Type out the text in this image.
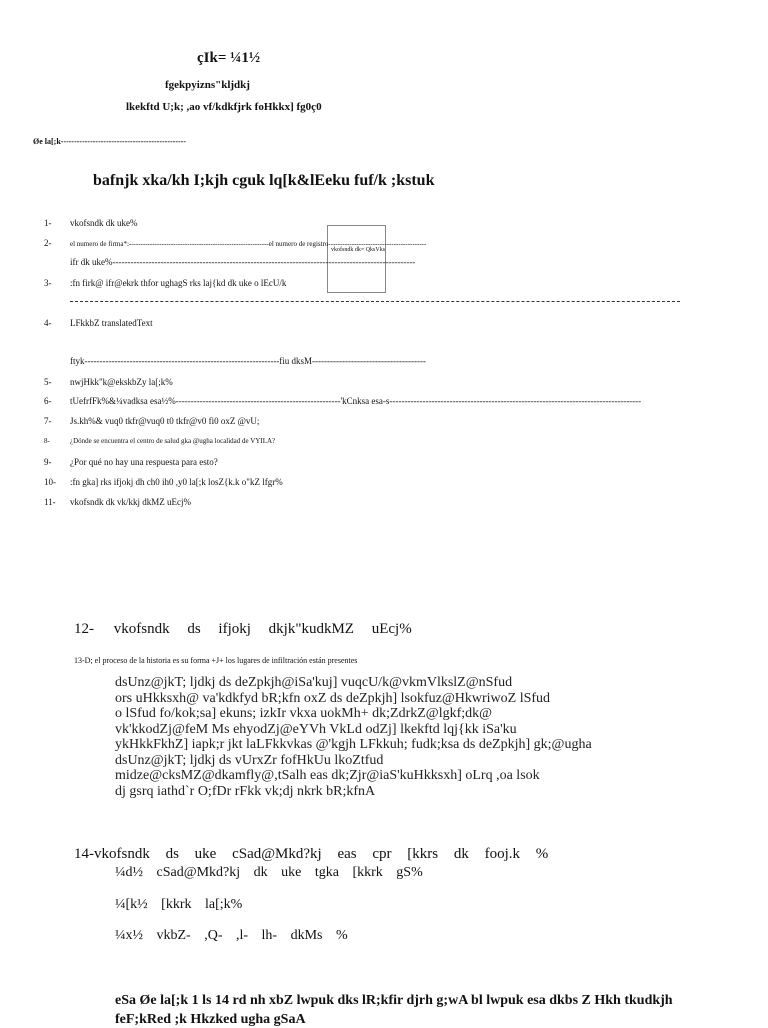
çIk= ¼1½
fgekpyizns"kljdkj
lkekftd U;k; ,ao vf/kdkfjrk foHkkx] fg0ç0
Øe la[;k-----------------------------------------------
bafnjk xka/kh I;kjh cguk lq[k&lEeku fuf/k ;kstuk
vkofsndk dk= QksVks
1-	vkofsndk dk uke%
2-	el numero de firma*:------------------------------------------------------------el numero de registro------------------------------------------
ifr dk uke%-----------------------------------------------------------------------------------------------------
3-	:fn firk@ ifr@ekrk thfor ughagS rks laj{kd dk uke o lEcU/k
4-	LFkkbZ translatedText
ftyk-----------------------------------------------------------------fiu dksM--------------------------------------
5-	nwjHkk"k@ekskbZy la[;k%
6-	tUefrfFk%&¼vadksa esa½%-------------------------------------------------------'kCnksa esa-s------------------------------------------------------------------------------------
7-	Js.kh%& vuq0 tkfr@vuq0 t0 tkfr@v0 fi0 oxZ @vU;
8-	¿Dónde se encuentra el centro de salud gka @ugha localidad de VYILA?
9-	¿Por qué no hay una respuesta para esto?
10-	:fn gka] rks ifjokj dh ch0 ih0 ,y0 la[;k losZ{k.k o"kZ lfgr%
11-	vkofsndk dk vk/kkj dkMZ uEcj%
12- vkofsndk ds ifjokj dkjk"kudkMZ uEcj%
13-D; el proceso de la historia es su forma +J+ los lugares de infiltración están presentes
dsUnz@jkT; ljdkj ds deZpkjh@iSa'kuj] vuqcU/k@vkmVlkslZ@nSfud
ors uHkksxh@ va'kdkfyd bR;kfn oxZ ds deZpkjh] lsokfuz@HkwriwoZ lSfud
o lSfud fo/kok;sa] ekuns; izkIr vkxa uokMh+ dk;ZdrkZ@lgkf;dk@
vk'kkodZj@feM Ms ehyodZj@eYVh VkLd odZj] lkekftd lqj{kk iSa'ku
ykHkkFkhZ] iapk;r jkt laLFkkvkas @'kgjh LFkkuh; fudk;ksa ds deZpkjh] gk;@ugha
dsUnz@jkT; ljdkj ds vUrxZr fofHkUu lkoZtfud
midze@cksMZ@dkamfly@,tSalh eas dk;Zjr@iaS'kuHkksxh] oLrq ,oa lsok
dj gsrq iathd`r O;fDr rFkk vk;dj nkrk bR;kfnA
14-vkofsndk ds uke cSad@Mkd?kj eas cpr [kkrs dk fooj.k %
¼d½ cSad@Mkd?kj dk uke tgka [kkrk gS%
¼[k½ [kkrk la[;k%
¼x½ vkbZ- ,Q- ,l- lh- dkMs %
eSa Øe la[;k 1 ls 14 rd nh xbZ lwpuk dks lR;kfir djrh g;wA bl lwpuk esa dkbs Z Hkh tkudkjh
feF;kRed ;k Hkzked ugha gSaA
